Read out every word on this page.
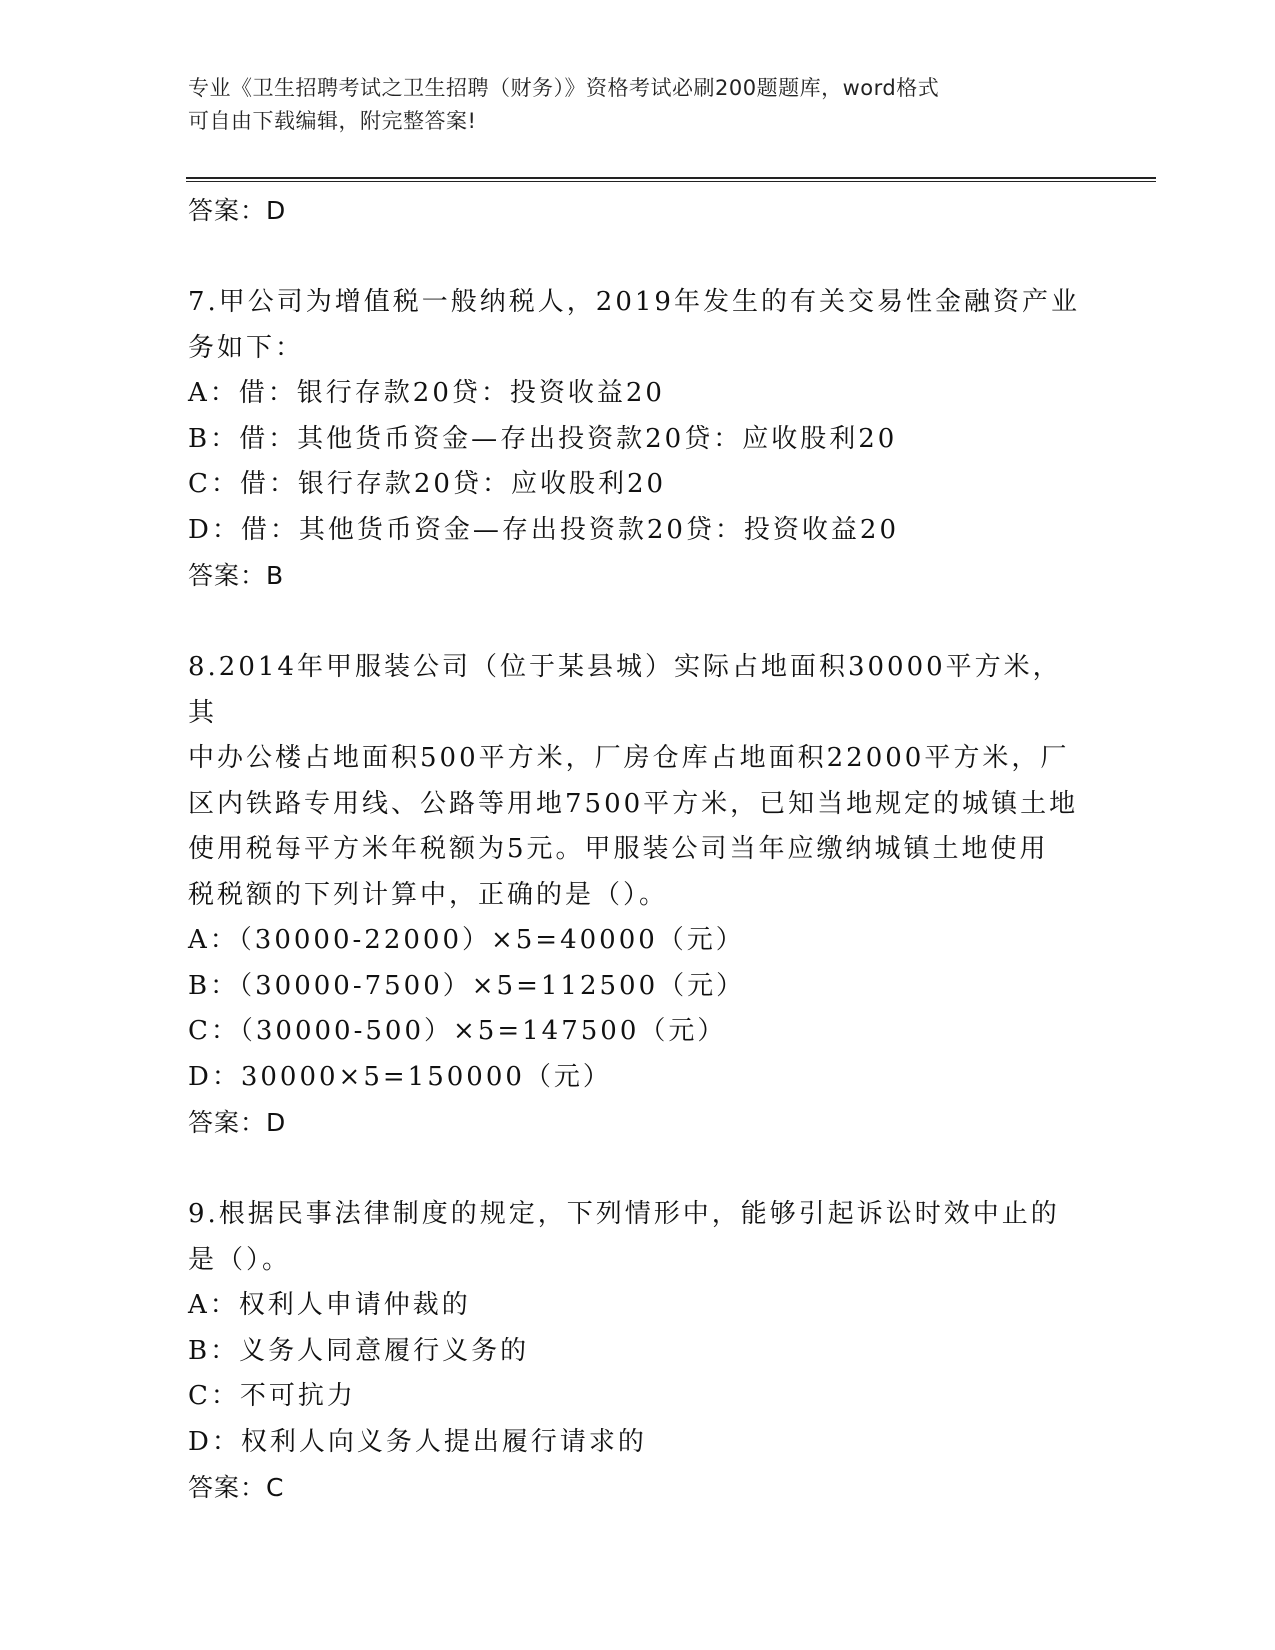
专业《卫生招聘考试之卫生招聘（财务）》资格考试必刷200题题库，word格式
可自由下载编辑，附完整答案!
答案：D
7.甲公司为增值税一般纳税人，2019年发生的有关交易性金融资产业
务如下：
A：借：银行存款20贷：投资收益20
B：借：其他货币资金—存出投资款20贷：应收股利20
C：借：银行存款20贷：应收股利20
D：借：其他货币资金—存出投资款20贷：投资收益20
答案：B
8.2014年甲服装公司（位于某县城）实际占地面积30000平方米，其
中办公楼占地面积500平方米，厂房仓库占地面积22000平方米，厂
区内铁路专用线、公路等用地7500平方米，已知当地规定的城镇土地
使用税每平方米年税额为5元。甲服装公司当年应缴纳城镇土地使用
税税额的下列计算中，正确的是（）。
A：（30000-22000）×5=40000（元）
B：（30000-7500）×5=112500（元）
C：（30000-500）×5=147500（元）
D：30000×5=150000（元）
答案：D
9.根据民事法律制度的规定，下列情形中，能够引起诉讼时效中止的
是（）。
A：权利人申请仲裁的
B：义务人同意履行义务的
C：不可抗力
D：权利人向义务人提出履行请求的
答案：C
